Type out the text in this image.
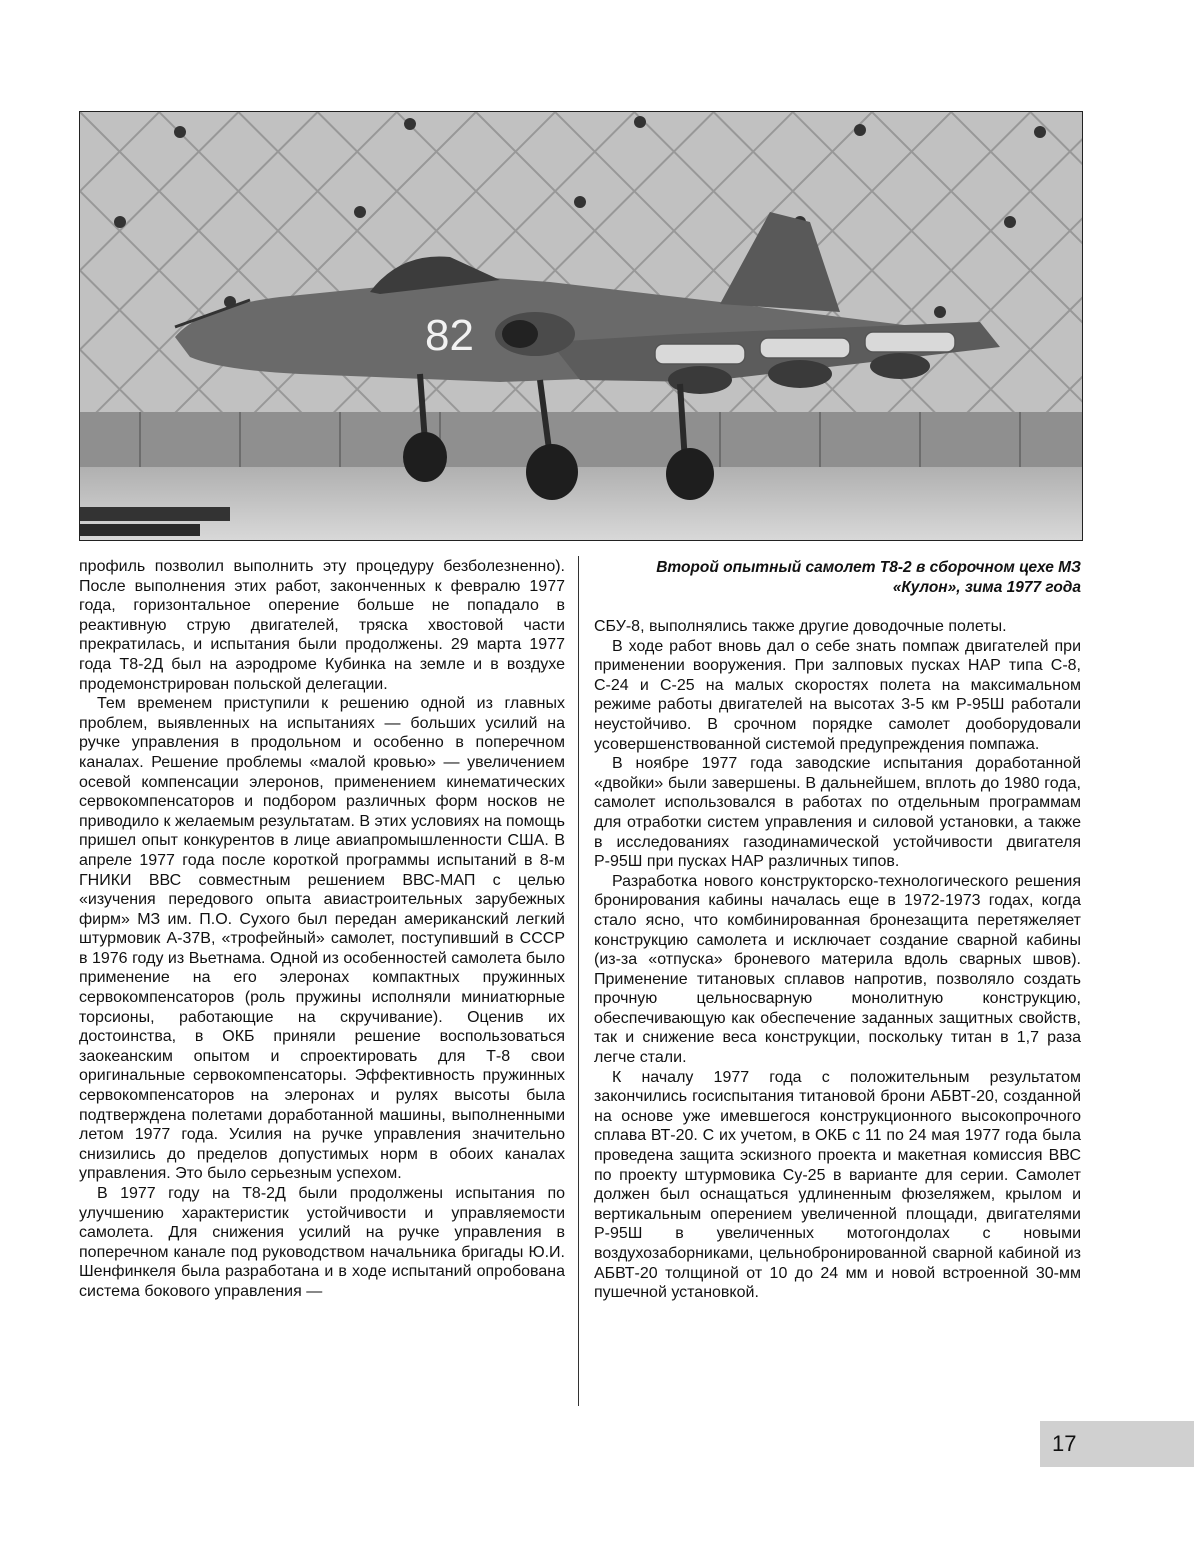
82
Второй опытный самолет Т8-2 в сборочном цехе МЗ
«Кулон», зима 1977 года

профиль позволил выполнить эту процедуру безболезненно). После выполнения этих работ, законченных к февралю 1977 года, горизонтальное оперение больше не попадало в реактивную струю двигателей, тряска хвостовой части прекратилась, и испытания были продолжены. 29 марта 1977 года Т8-2Д был на аэродроме Кубинка на земле и в воздухе продемонстрирован польской делегации.

Тем временем приступили к решению одной из главных проблем, выявленных на испытаниях — больших усилий на ручке управления в продольном и особенно в поперечном каналах. Решение проблемы «малой кровью» — увеличением осевой компенсации элеронов, применением кинематических сервокомпенсаторов и подбором различных форм носков не приводило к желаемым результатам. В этих условиях на помощь пришел опыт конкурентов в лице авиапромышленности США. В апреле 1977 года после короткой программы испытаний в 8-м ГНИКИ ВВС совместным решением ВВС-МАП с целью «изучения передового опыта авиастроительных зарубежных фирм» МЗ им. П.О. Сухого был передан американский легкий штурмовик А-37В, «трофейный» самолет, поступивший в СССР в 1976 году из Вьетнама. Одной из особенностей самолета было применение на его элеронах компактных пружинных сервокомпенсаторов (роль пружины исполняли миниатюрные торсионы, работающие на скручивание). Оценив их достоинства, в ОКБ приняли решение воспользоваться заокеанским опытом и спроектировать для Т-8 свои оригинальные сервокомпенсаторы. Эффективность пружинных сервокомпенсаторов на элеронах и рулях высоты была подтверждена полетами доработанной машины, выполненными летом 1977 года. Усилия на ручке управления значительно снизились до пределов допустимых норм в обоих каналах управления. Это было серьезным успехом.

В 1977 году на Т8-2Д были продолжены испытания по улучшению характеристик устойчивости и управляемости самолета. Для снижения усилий на ручке управления в поперечном канале под руководством начальника бригады Ю.И. Шенфинкеля была разработана и в ходе испытаний опробована система бокового управления —

СБУ-8, выполнялись также другие доводочные полеты.

В ходе работ вновь дал о себе знать помпаж двигателей при применении вооружения. При залповых пусках НАР типа С-8, С-24 и С-25 на малых скоростях полета на максимальном режиме работы двигателей на высотах 3-5 км Р-95Ш работали неустойчиво. В срочном порядке самолет дооборудовали усовершенствованной системой предупреждения помпажа.

В ноябре 1977 года заводские испытания доработанной «двойки» были завершены. В дальнейшем, вплоть до 1980 года, самолет использовался в работах по отдельным программам для отработки систем управления и силовой установки, а также в исследованиях газодинамической устойчивости двигателя Р-95Ш при пусках НАР различных типов.

Разработка нового конструкторско-технологического решения бронирования кабины началась еще в 1972-1973 годах, когда стало ясно, что комбинированная бронезащита перетяжеляет конструкцию самолета и исключает создание сварной кабины (из-за «отпуска» броневого материла вдоль сварных швов). Применение титановых сплавов напротив, позволяло создать прочную цельносварную монолитную конструкцию, обеспечивающую как обеспечение заданных защитных свойств, так и снижение веса конструкции, поскольку титан в 1,7 раза легче стали.

К началу 1977 года с положительным результатом закончились госиспытания титановой брони АБВТ-20, созданной на основе уже имевшегося конструкционного высокопрочного сплава ВТ-20. С их учетом, в ОКБ с 11 по 24 мая 1977 года была проведена защита эскизного проекта и макетная комиссия ВВС по проекту штурмовика Су-25 в варианте для серии. Самолет должен был оснащаться удлиненным фюзеляжем, крылом и вертикальным оперением увеличенной площади, двигателями Р-95Ш в увеличенных мотогондолах с новыми воздухозаборниками, цельнобронированной сварной кабиной из АБВТ-20 толщиной от 10 до 24 мм и новой встроенной 30-мм пушечной установкой.

17
